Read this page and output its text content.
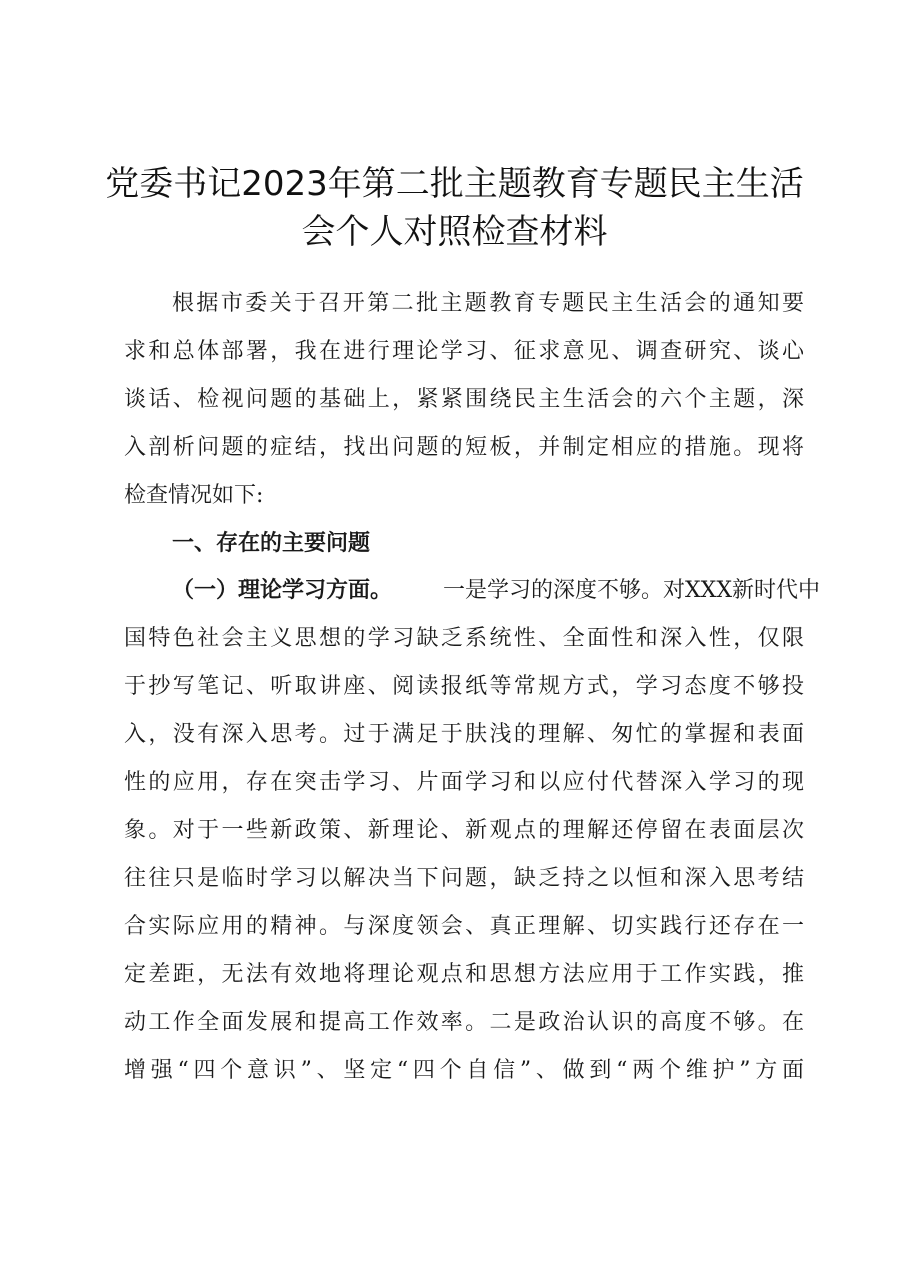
党委书记2023年第二批主题教育专题民主生活
会个人对照检查材料
根据市委关于召开第二批主题教育专题民主生活会的通知要
求和总体部署，我在进行理论学习、征求意见、调查研究、谈心
谈话、检视问题的基础上，紧紧围绕民主生活会的六个主题，深
入剖析问题的症结，找出问题的短板，并制定相应的措施。现将
检查情况如下:
一、存在的主要问题
（一）理论学习方面。 一是学习的深度不够。对XXX新时代中
国特色社会主义思想的学习缺乏系统性、全面性和深入性，仅限
于抄写笔记、听取讲座、阅读报纸等常规方式，学习态度不够投
入，没有深入思考。过于满足于肤浅的理解、匆忙的掌握和表面
性的应用，存在突击学习、片面学习和以应付代替深入学习的现
象。对于一些新政策、新理论、新观点的理解还停留在表面层次
往往只是临时学习以解决当下问题，缺乏持之以恒和深入思考结
合实际应用的精神。与深度领会、真正理解、切实践行还存在一
定差距，无法有效地将理论观点和思想方法应用于工作实践，推
动工作全面发展和提高工作效率。二是政治认识的高度不够。在
增强“四个意识”、坚定“四个自信”、做到“两个维护”方面
